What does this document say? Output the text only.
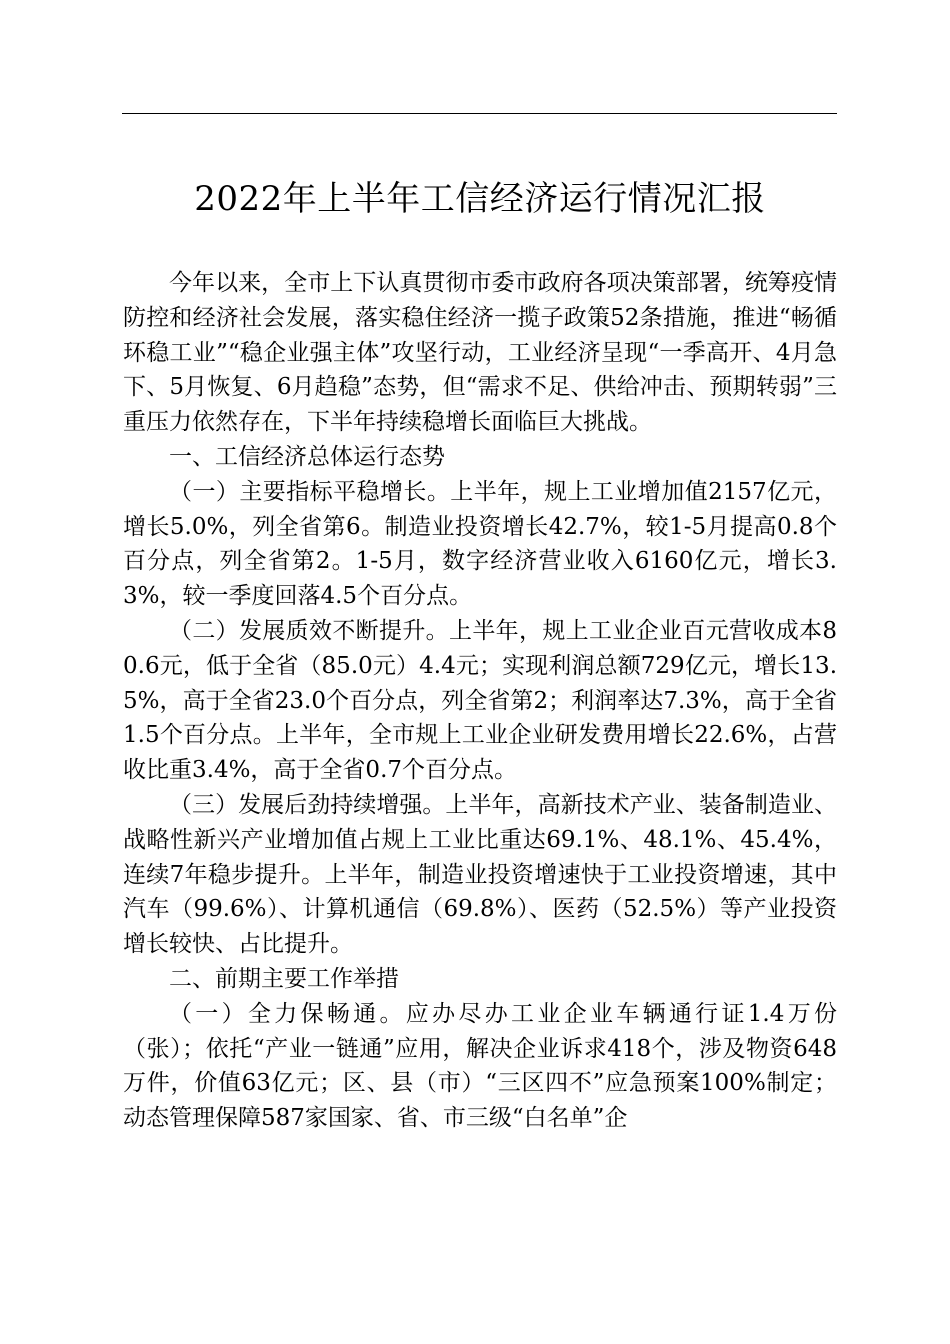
2022年上半年工信经济运行情况汇报

今年以来，全市上下认真贯彻市委市政府各项决策部署，统筹疫情防控和经济社会发展，落实稳住经济一揽子政策52条措施，推进“畅循环稳工业”“稳企业强主体”攻坚行动，工业经济呈现“一季高开、4月急下、5月恢复、6月趋稳”态势，但“需求不足、供给冲击、预期转弱”三重压力依然存在，下半年持续稳增长面临巨大挑战。

一、工信经济总体运行态势

（一）主要指标平稳增长。上半年，规上工业增加值2157亿元，增长5.0%，列全省第6。制造业投资增长42.7%，较1-5月提高0.8个百分点，列全省第2。1-5月，数字经济营业收入6160亿元，增长3.3%，较一季度回落4.5个百分点。

（二）发展质效不断提升。上半年，规上工业企业百元营收成本80.6元，低于全省（85.0元）4.4元；实现利润总额729亿元，增长13.5%，高于全省23.0个百分点，列全省第2；利润率达7.3%，高于全省1.5个百分点。上半年，全市规上工业企业研发费用增长22.6%，占营收比重3.4%，高于全省0.7个百分点。

（三）发展后劲持续增强。上半年，高新技术产业、装备制造业、战略性新兴产业增加值占规上工业比重达69.1%、48.1%、45.4%，连续7年稳步提升。上半年，制造业投资增速快于工业投资增速，其中汽车（99.6%）、计算机通信（69.8%）、医药（52.5%）等产业投资增长较快、占比提升。

二、前期主要工作举措

（一）全力保畅通。应办尽办工业企业车辆通行证1.4万份（张）；依托“产业一链通”应用，解决企业诉求418个，涉及物资648万件，价值63亿元；区、县（市）“三区四不”应急预案100%制定；动态管理保障587家国家、省、市三级“白名单”企
